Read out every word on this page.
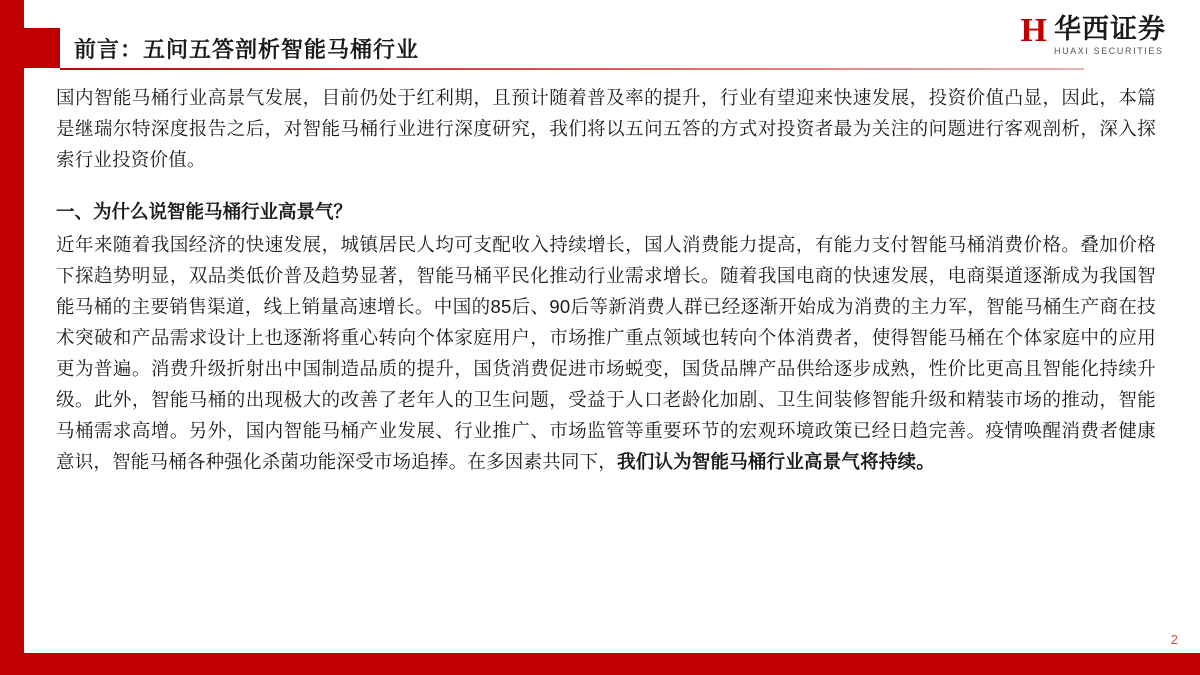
H 华西证券
HUAXI SECURITIES
前言：五问五答剖析智能马桶行业

国内智能马桶行业高景气发展，目前仍处于红利期，且预计随着普及率的提升，行业有望迎来快速发展，投资价值凸显，因此，本篇是继瑞尔特深度报告之后，对智能马桶行业进行深度研究，我们将以五问五答的方式对投资者最为关注的问题进行客观剖析，深入探索行业投资价值。

一、为什么说智能马桶行业高景气？

近年来随着我国经济的快速发展，城镇居民人均可支配收入持续增长，国人消费能力提高，有能力支付智能马桶消费价格。叠加价格下探趋势明显，双品类低价普及趋势显著，智能马桶平民化推动行业需求增长。随着我国电商的快速发展，电商渠道逐渐成为我国智能马桶的主要销售渠道，线上销量高速增长。中国的85后、90后等新消费人群已经逐渐开始成为消费的主力军，智能马桶生产商在技术突破和产品需求设计上也逐渐将重心转向个体家庭用户，市场推广重点领域也转向个体消费者，使得智能马桶在个体家庭中的应用更为普遍。消费升级折射出中国制造品质的提升，国货消费促进市场蜕变，国货品牌产品供给逐步成熟，性价比更高且智能化持续升级。此外，智能马桶的出现极大的改善了老年人的卫生问题，受益于人口老龄化加剧、卫生间装修智能升级和精装市场的推动，智能马桶需求高增。另外，国内智能马桶产业发展、行业推广、市场监管等重要环节的宏观环境政策已经日趋完善。疫情唤醒消费者健康意识，智能马桶各种强化杀菌功能深受市场追捧。在多因素共同下，我们认为智能马桶行业高景气将持续。

2
